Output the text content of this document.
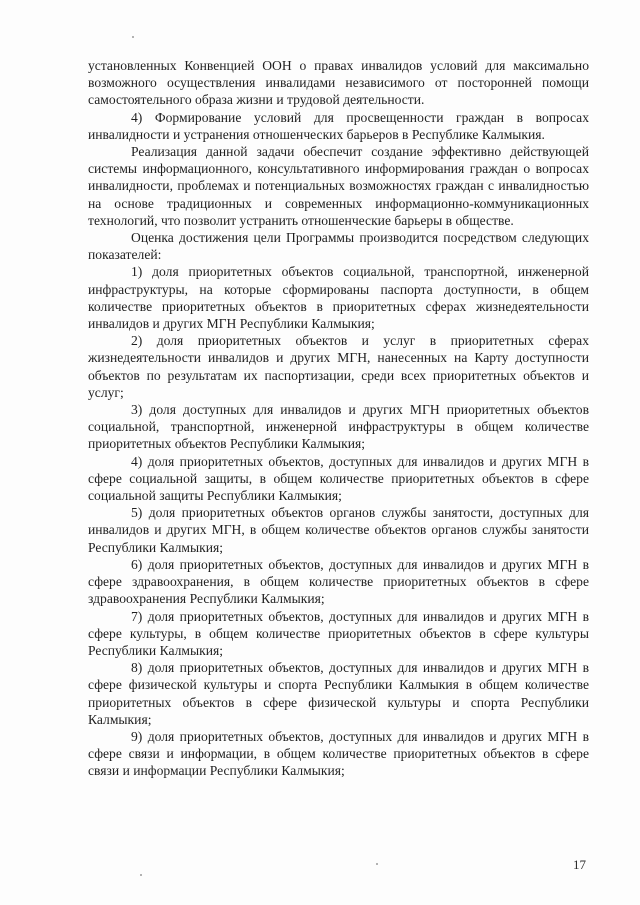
установленных Конвенцией ООН о правах инвалидов условий для максимально возможного осуществления инвалидами независимого от посторонней помощи самостоятельного образа жизни и трудовой деятельности.

4) Формирование условий для просвещенности граждан в вопросах инвалидности и устранения отношенческих барьеров в Республике Калмыкия.

Реализация данной задачи обеспечит создание эффективно действующей системы информационного, консультативного информирования граждан о вопросах инвалидности, проблемах и потенциальных возможностях граждан с инвалидностью на основе традиционных и современных информационно-коммуникационных технологий, что позволит устранить отношенческие барьеры в обществе.

Оценка достижения цели Программы производится посредством следующих показателей:

1) доля приоритетных объектов социальной, транспортной, инженерной инфраструктуры, на которые сформированы паспорта доступности, в общем количестве приоритетных объектов в приоритетных сферах жизнедеятельности инвалидов и других МГН Республики Калмыкия;

2) доля приоритетных объектов и услуг в приоритетных сферах жизнедеятельности инвалидов и других МГН, нанесенных на Карту доступности объектов по результатам их паспортизации, среди всех приоритетных объектов и услуг;

3) доля доступных для инвалидов и других МГН приоритетных объектов социальной, транспортной, инженерной инфраструктуры в общем количестве приоритетных объектов Республики Калмыкия;

4) доля приоритетных объектов, доступных для инвалидов и других МГН в сфере социальной защиты, в общем количестве приоритетных объектов в сфере социальной защиты Республики Калмыкия;

5) доля приоритетных объектов органов службы занятости, доступных для инвалидов и других МГН, в общем количестве объектов органов службы занятости Республики Калмыкия;

6) доля приоритетных объектов, доступных для инвалидов и других МГН в сфере здравоохранения, в общем количестве приоритетных объектов в сфере здравоохранения Республики Калмыкия;

7) доля приоритетных объектов, доступных для инвалидов и других МГН в сфере культуры, в общем количестве приоритетных объектов в сфере культуры Республики Калмыкия;

8) доля приоритетных объектов, доступных для инвалидов и других МГН в сфере физической культуры и спорта Республики Калмыкия в общем количестве приоритетных объектов в сфере физической культуры и спорта Республики Калмыкия;

9) доля приоритетных объектов, доступных для инвалидов и других МГН в сфере связи и информации, в общем количестве приоритетных объектов в сфере связи и информации Республики Калмыкия;

17
